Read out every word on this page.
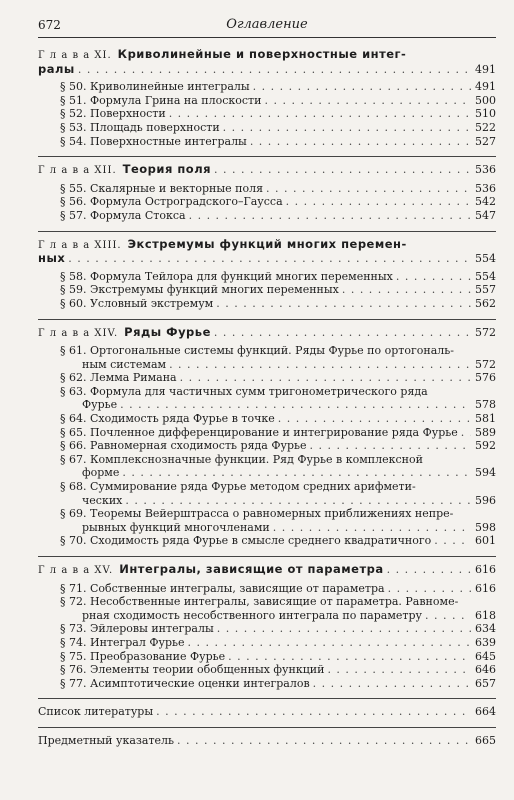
672	Оглавление
Г л а в а XI. Криволинейные и поверхностные интег-
ралы . . .	491
§ 50. Криволинейные интегралы . . .	491
§ 51. Формула Грина на плоскости . . .	500
§ 52. Поверхности . . .	510
§ 53. Площадь поверхности . . .	522
§ 54. Поверхностные интегралы . . .	527
Г л а в а XII. Теория поля . . .	536
§ 55. Скалярные и векторные поля . . .	536
§ 56. Формула Остроградского–Гаусса . . .	542
§ 57. Формула Стокса . . .	547
Г л а в а XIII. Экстремумы функций многих перемен-
ных . . .	554
§ 58. Формула Тейлора для функций многих переменных . . .	554
§ 59. Экстремумы функций многих переменных . . .	557
§ 60. Условный экстремум . . .	562
Г л а в а XIV. Ряды Фурье . . .	572
§ 61. Ортогональные системы функций. Ряды Фурье по ортогональ-
ным системам . . .	572
§ 62. Лемма Римана . . .	576
§ 63. Формула для частичных сумм тригонометрического ряда
Фурье . . .	578
§ 64. Сходимость ряда Фурье в точке . . .	581
§ 65. Почленное дифференцирование и интегрирование ряда Фурье . . . 589
§ 66. Равномерная сходимость ряда Фурье . . .	592
§ 67. Комплекснозначные функции. Ряд Фурье в комплексной
форме . . .	594
§ 68. Суммирование ряда Фурье методом средних арифмети-
ческих . . .	596
§ 69. Теоремы Вейерштрасса о равномерных приближениях непре-
рывных функций многочленами . . .	598
§ 70. Сходимость ряда Фурье в смысле среднего квадратичного . . .	601
Г л а в а XV. Интегралы, зависящие от параметра . . .	616
§ 71. Собственные интегралы, зависящие от параметра . . .	616
§ 72. Несобственные интегралы, зависящие от параметра. Равноме-
рная сходимость несобственного интеграла по параметру . . .	618
§ 73. Эйлеровы интегралы . . .	634
§ 74. Интеграл Фурье . . .	639
§ 75. Преобразование Фурье . . .	645
§ 76. Элементы теории обобщенных функций . . .	646
§ 77. Асимптотические оценки интегралов . . .	657
Список литературы . . .	664
Предметный указатель . . .	665
